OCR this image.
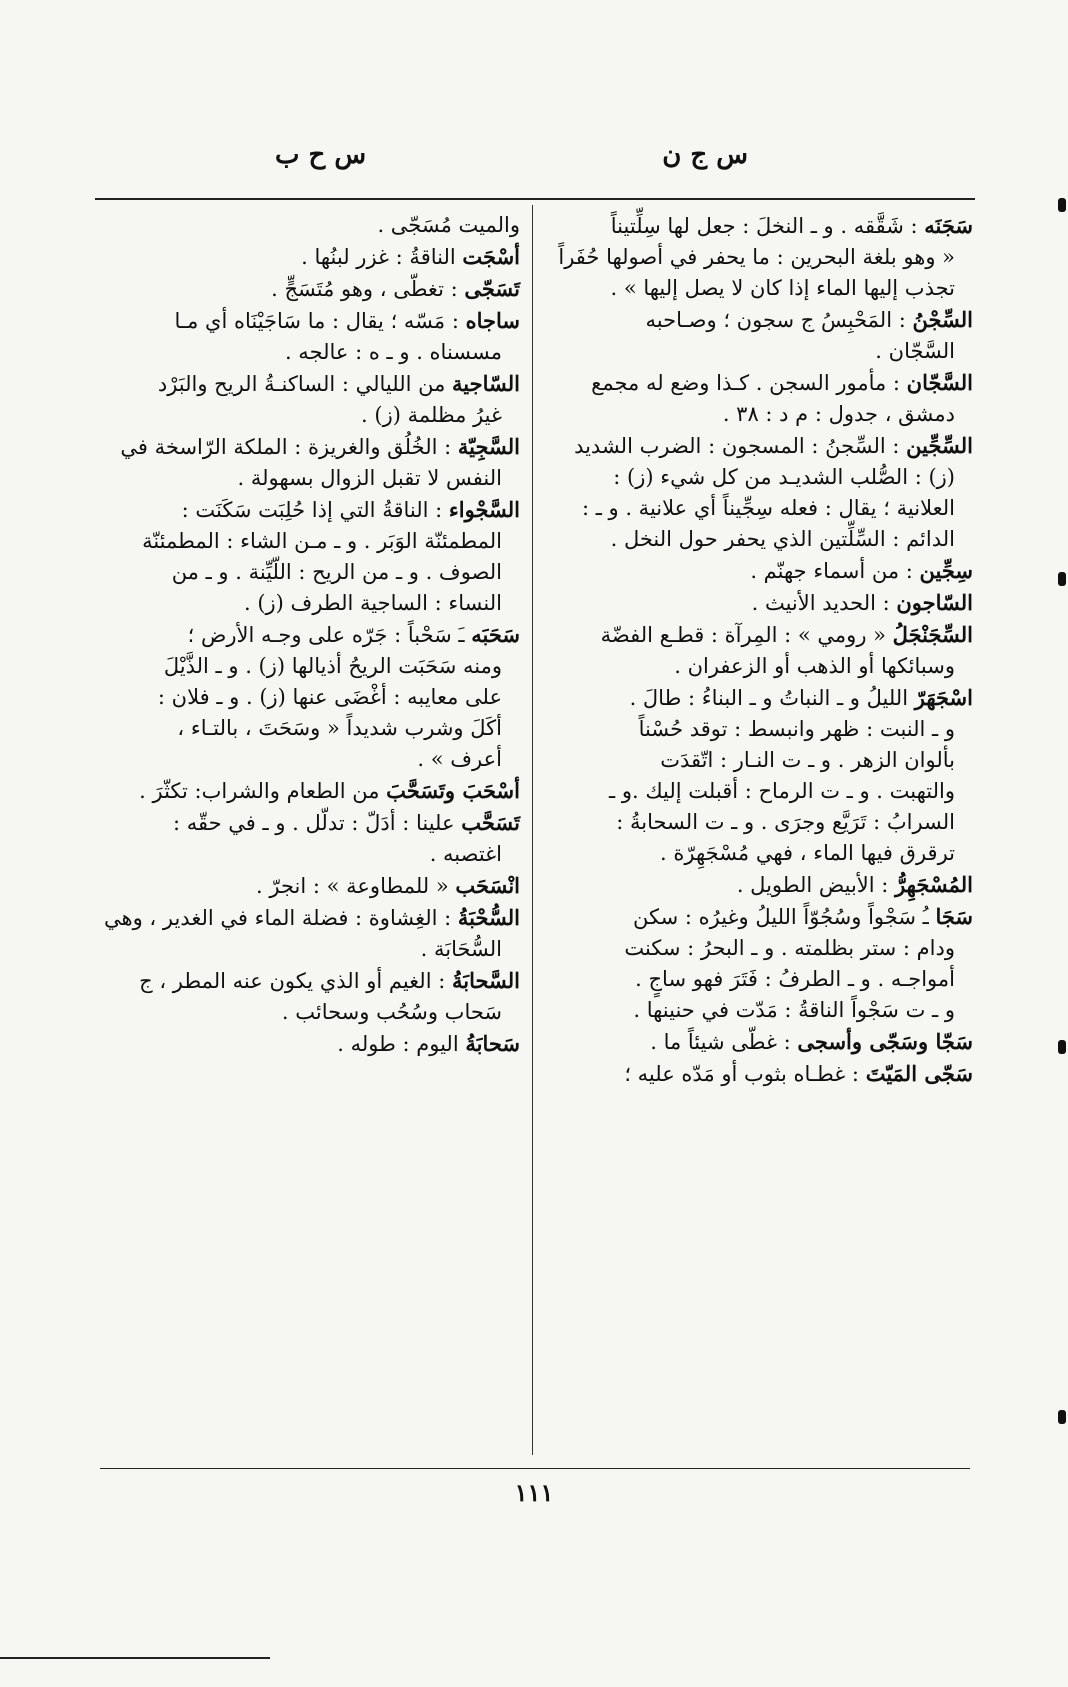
س ج ن
س ح ب
سَجَنَه : شَقَّقه . و ـ النخلَ : جعل لها سِلِّتيناً
« وهو بلغة البحرين : ما يحفر في أصولها حُفَراً
تجذب إليها الماء إذا كان لا يصل إليها » .
السِّجْنُ : المَحْبِسُ ج سجون ؛ وصـاحبه
السَّجّان .
السَّجّان : مأمور السجن . كـذا وضع له مجمع
دمشق ، جدول : م د : ٣٨ .
السِّجِّين : السِّجنُ : المسجون : الضرب الشديد
(ز) : الصُّلب الشديـد من كل شيء (ز) :
العلانية ؛ يقال : فعله سِجِّيناً أي علانية . و ـ :
الدائم : السِّلِّتين الذي يحفر حول النخل .
سِجِّين : من أسماء جهنّم .
السّاجون : الحديد الأنيث .
السِّجَنْجَلُ « رومي » : المِرآة : قطـع الفضّة
وسبائكها أو الذهب أو الزعفران .
اسْجَهَرّ الليلُ و ـ النباتُ و ـ البناءُ : طالَ .
و ـ النبت : ظهر وانبسط : توقد حُسْناً
بألوان الزهر . و ـ ت النـار : اتّقدَت
والتهبت . و ـ ت الرماح : أقبلت إليك .و ـ
السرابُ : تَرَيَّع وجرَى . و ـ ت السحابةُ :
ترقرق فيها الماء ، فهي مُسْجَهِرّة .
المُسْجَهِرُّ : الأبيض الطويل .
سَجَا ـُ سَجْواً وسُجُوّاً الليلُ وغيرُه : سكن
ودام : ستر بظلمته . و ـ البحرُ : سكنت
أمواجـه . و ـ الطرفُ : فَتَرَ فهو ساجٍ .
و ـ ت سَجْواً الناقةُ : مَدّت في حنينها .
سَجّا وسَجّى وأسجى : غطّى شيئاً ما .
سَجّى المَيّتَ : غطـاه بثوب أو مَدّه عليه ؛
والميت مُسَجّى .
أسْجَت الناقةُ : غزر لبنُها .
تَسَجّى : تغطّى ، وهو مُتَسَجٍّ .
ساجاه : مَسّه ؛ يقال : ما سَاجَيْنَاه أي مـا
مسسناه . و ـ ه : عالجه .
السّاجية من الليالي : الساكنـةُ الريح والبَرْد
غيرُ مظلمة (ز) .
السَّجِيّة : الخُلُق والغريزة : الملكة الرّاسخة في
النفس لا تقبل الزوال بسهولة .
السَّجْواء : الناقةُ التي إذا حُلِبَت سَكَنَت :
المطمئنّة الوَبَر . و ـ مـن الشاء : المطمئنّة
الصوف . و ـ من الريح : اللّيِّنة . و ـ من
النساء : الساجية الطرف (ز) .
سَحَبَه ـَ سَحْباً : جَرّه على وجـه الأرض ؛
ومنه سَحَبَت الريحُ أذيالها (ز) . و ـ الذَّيْلَ
على معايبه : أغْضَى عنها (ز) . و ـ فلان :
أكَلَ وشرب شديداً « وسَحَتَ ، بالتـاء ،
أعرف » .
أسْحَبَ وتَسَحَّبَ من الطعام والشراب: تكثّرَ .
تَسَحَّب علينا : أدَلّ : تدلّل . و ـ في حقّه :
اغتصبه .
انْسَحَب « للمطاوعة » : انجرّ .
السُّحْبَةُ : الغِشاوة : فضلة الماء في الغدير ، وهي
السُّحَابَة .
السَّحابَةُ : الغيم أو الذي يكون عنه المطر ، ج
سَحاب وسُحُب وسحائب .
سَحابَةُ اليوم : طوله .
١١١
